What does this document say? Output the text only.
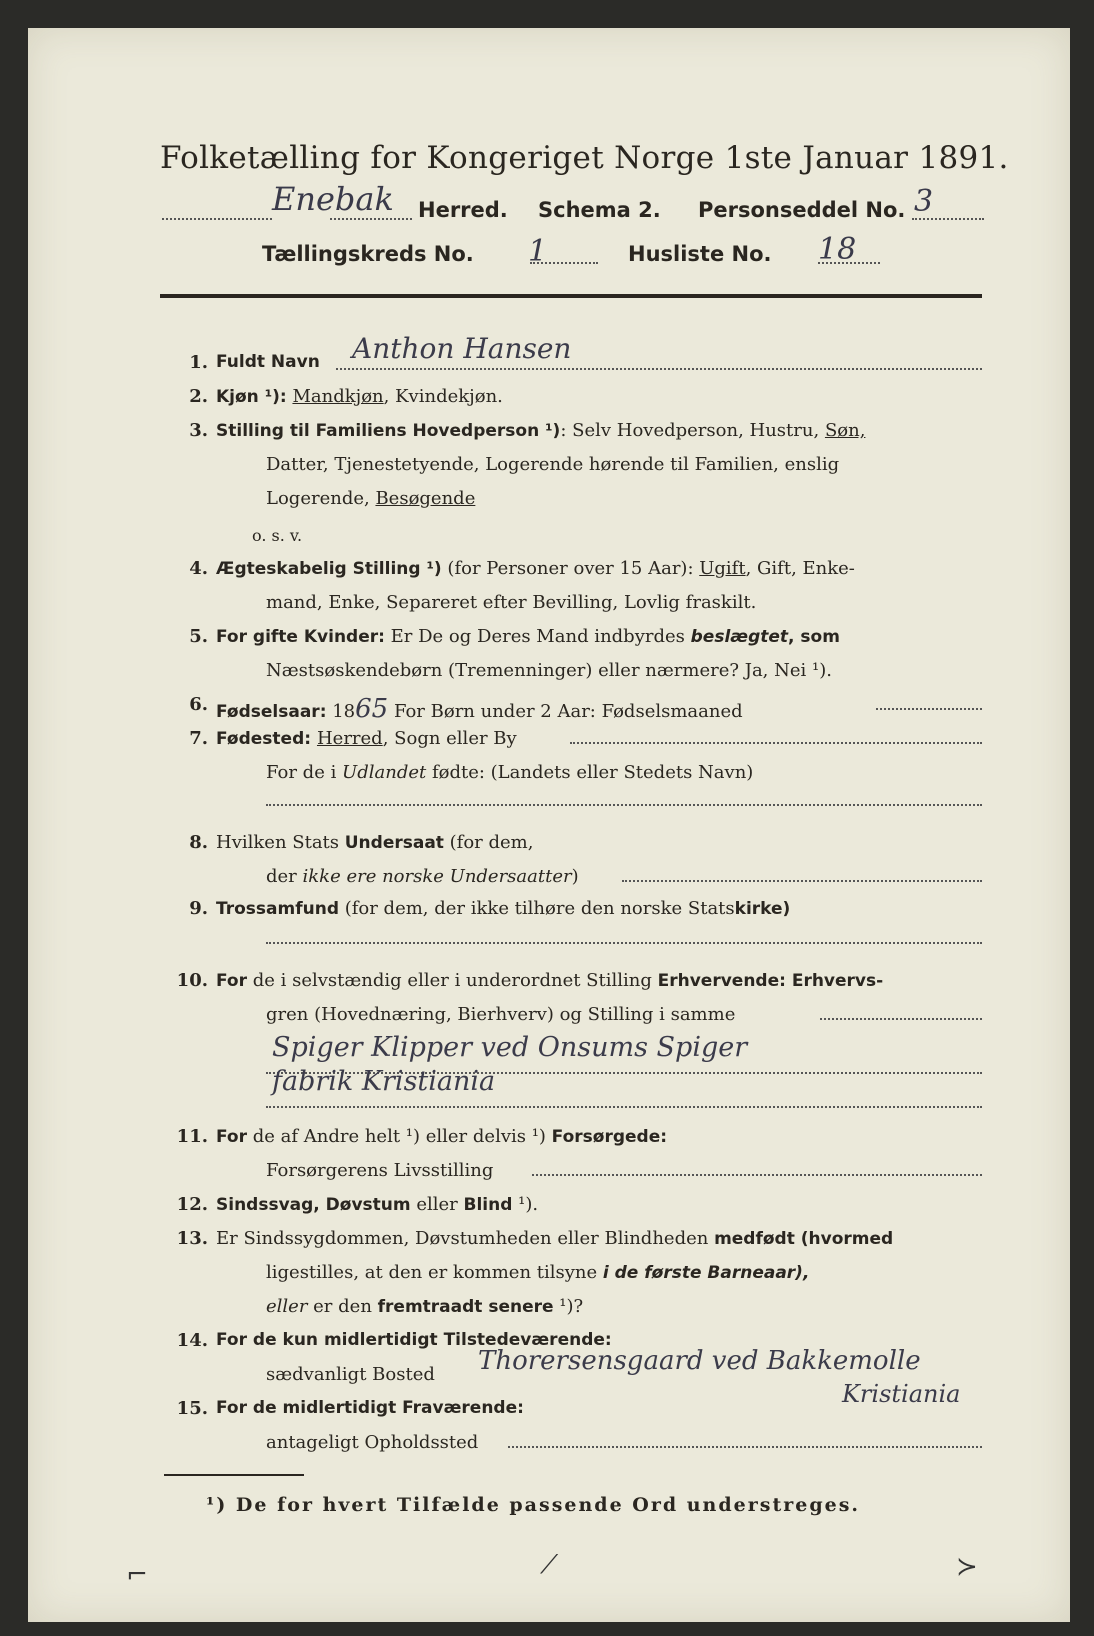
Folketælling for Kongeriget Norge 1ste Januar 1891.
Enebak Herred. Schema 2. Personseddel No. 3
Tællingskreds No. 1	Husliste No. 18
1. Fuldt Navn Anthon Hansen
2. Kjøn ¹): Mandkjøn, Kvindekjøn.
3. Stilling til Familiens Hovedperson ¹): Selv Hovedperson, Hustru, Søn,
Datter, Tjenestetyende, Logerende hørende til Familien, enslig
Logerende, Besøgende
o. s. v.
4. Ægteskabelig Stilling ¹) (for Personer over 15 Aar): Ugift, Gift, Enke-
mand, Enke, Separeret efter Bevilling, Lovlig fraskilt.
5. For gifte Kvinder: Er De og Deres Mand indbyrdes beslægtet, som
Næstsøskendebørn (Tremenninger) eller nærmere? Ja, Nei ¹).
6. Fødselsaar: 1865 For Børn under 2 Aar: Fødselsmaaned
7. Fødested: Herred, Sogn eller By
For de i Udlandet fødte: (Landets eller Stedets Navn)
8. Hvilken Stats Undersaat (for dem,
der ikke ere norske Undersaatter)
9. Trossamfund (for dem, der ikke tilhøre den norske Statskirke)
10. For de i selvstændig eller i underordnet Stilling Erhvervende: Erhvervs-
gren (Hovednæring, Bierhverv) og Stilling i samme
Spiger Klipper ved Onsums Spiger
fabrik Kristiania
11. For de af Andre helt ¹) eller delvis ¹) Forsørgede:
Forsørgerens Livsstilling
12. Sindssvag, Døvstum eller Blind ¹).
13. Er Sindssygdommen, Døvstumheden eller Blindheden medfødt (hvormed
ligestilles, at den er kommen tilsyne i de første Barneaar),
eller er den fremtraadt senere ¹)?
14. For de kun midlertidigt Tilstedeværende:
sædvanligt Bosted Thorersensgaard ved Bakkemolle
Kristiania
15. For de midlertidigt Fraværende:
antageligt Opholdssted
¹) De for hvert Tilfælde passende Ord understreges.
⌐	⟋	≻
